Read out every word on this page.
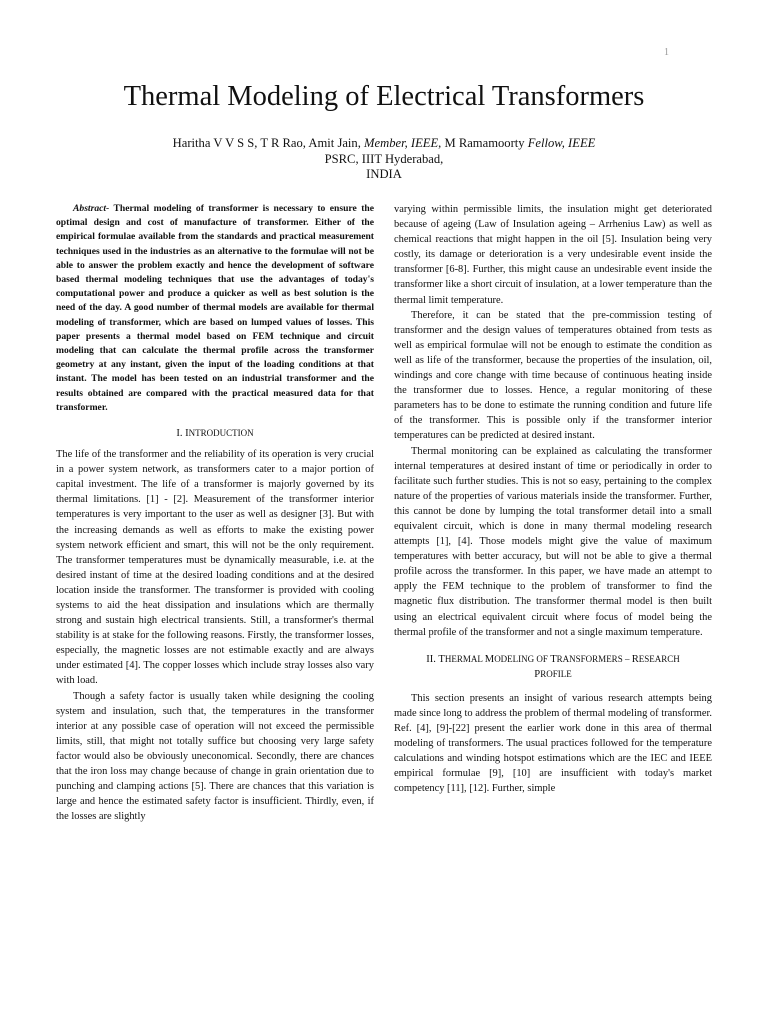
1
Thermal Modeling of Electrical Transformers
Haritha V V S S, T R Rao, Amit Jain, Member, IEEE, M Ramamoorty Fellow, IEEE
PSRC, IIIT Hyderabad,
INDIA

Abstract- Thermal modeling of transformer is necessary to ensure the optimal design and cost of manufacture of transformer. Either of the empirical formulae available from the standards and practical measurement techniques used in the industries as an alternative to the formulae will not be able to answer the problem exactly and hence the development of software based thermal modeling techniques that use the advantages of today's computational power and produce a quicker as well as best solution is the need of the day. A good number of thermal models are available for thermal modeling of transformer, which are based on lumped values of losses. This paper presents a thermal model based on FEM technique and circuit modeling that can calculate the thermal profile across the transformer geometry at any instant, given the input of the loading conditions at that instant. The model has been tested on an industrial transformer and the results obtained are compared with the practical measured data for that transformer.

I. INTRODUCTION

The life of the transformer and the reliability of its operation is very crucial in a power system network, as transformers cater to a major portion of capital investment. The life of a transformer is majorly governed by its thermal limitations. [1] - [2]. Measurement of the transformer interior temperatures is very important to the user as well as designer [3]. But with the increasing demands as well as efforts to make the existing power system network efficient and smart, this will not be the only requirement. The transformer temperatures must be dynamically measurable, i.e. at the desired instant of time at the desired loading conditions and at the desired location inside the transformer. The transformer is provided with cooling systems to aid the heat dissipation and insulations which are thermally strong and sustain high electrical transients. Still, a transformer's thermal stability is at stake for the following reasons. Firstly, the transformer losses, especially, the magnetic losses are not estimable exactly and are always under estimated [4]. The copper losses which include stray losses also vary with load.

Though a safety factor is usually taken while designing the cooling system and insulation, such that, the temperatures in the transformer interior at any possible case of operation will not exceed the permissible limits, still, that might not totally suffice but choosing very large safety factor would also be obviously uneconomical. Secondly, there are chances that the iron loss may change because of change in grain orientation due to punching and clamping actions [5]. There are chances that this variation is large and hence the estimated safety factor is insufficient. Thirdly, even, if the losses are slightly

varying within permissible limits, the insulation might get deteriorated because of ageing (Law of Insulation ageing – Arrhenius Law) as well as chemical reactions that might happen in the oil [5]. Insulation being very costly, its damage or deterioration is a very undesirable event inside the transformer [6-8]. Further, this might cause an undesirable event inside the transformer like a short circuit of insulation, at a lower temperature than the thermal limit temperature.

Therefore, it can be stated that the pre-commission testing of transformer and the design values of temperatures obtained from tests as well as empirical formulae will not be enough to estimate the condition as well as life of the transformer, because the properties of the insulation, oil, windings and core change with time because of continuous heating inside the transformer due to losses. Hence, a regular monitoring of these parameters has to be done to estimate the running condition and future life of the transformer. This is possible only if the transformer interior temperatures can be predicted at desired instant.

Thermal monitoring can be explained as calculating the transformer internal temperatures at desired instant of time or periodically in order to facilitate such further studies. This is not so easy, pertaining to the complex nature of the properties of various materials inside the transformer. Further, this cannot be done by lumping the total transformer detail into a small equivalent circuit, which is done in many thermal modeling research attempts [1], [4]. Those models might give the value of maximum temperatures with better accuracy, but will not be able to give a thermal profile across the transformer. In this paper, we have made an attempt to apply the FEM technique to the problem of transformer to find the magnetic flux distribution. The transformer thermal model is then built using an electrical equivalent circuit where focus of model being the thermal profile of the transformer and not a single maximum temperature.

II. THERMAL MODELING OF TRANSFORMERS – RESEARCH
PROFILE

This section presents an insight of various research attempts being made since long to address the problem of thermal modeling of transformer. Ref. [4], [9]-[22] present the earlier work done in this area of thermal modeling of transformers. The usual practices followed for the temperature calculations and winding hotspot estimations which are the IEC and IEEE empirical formulae [9], [10] are insufficient with today's market competency [11], [12]. Further, simple
